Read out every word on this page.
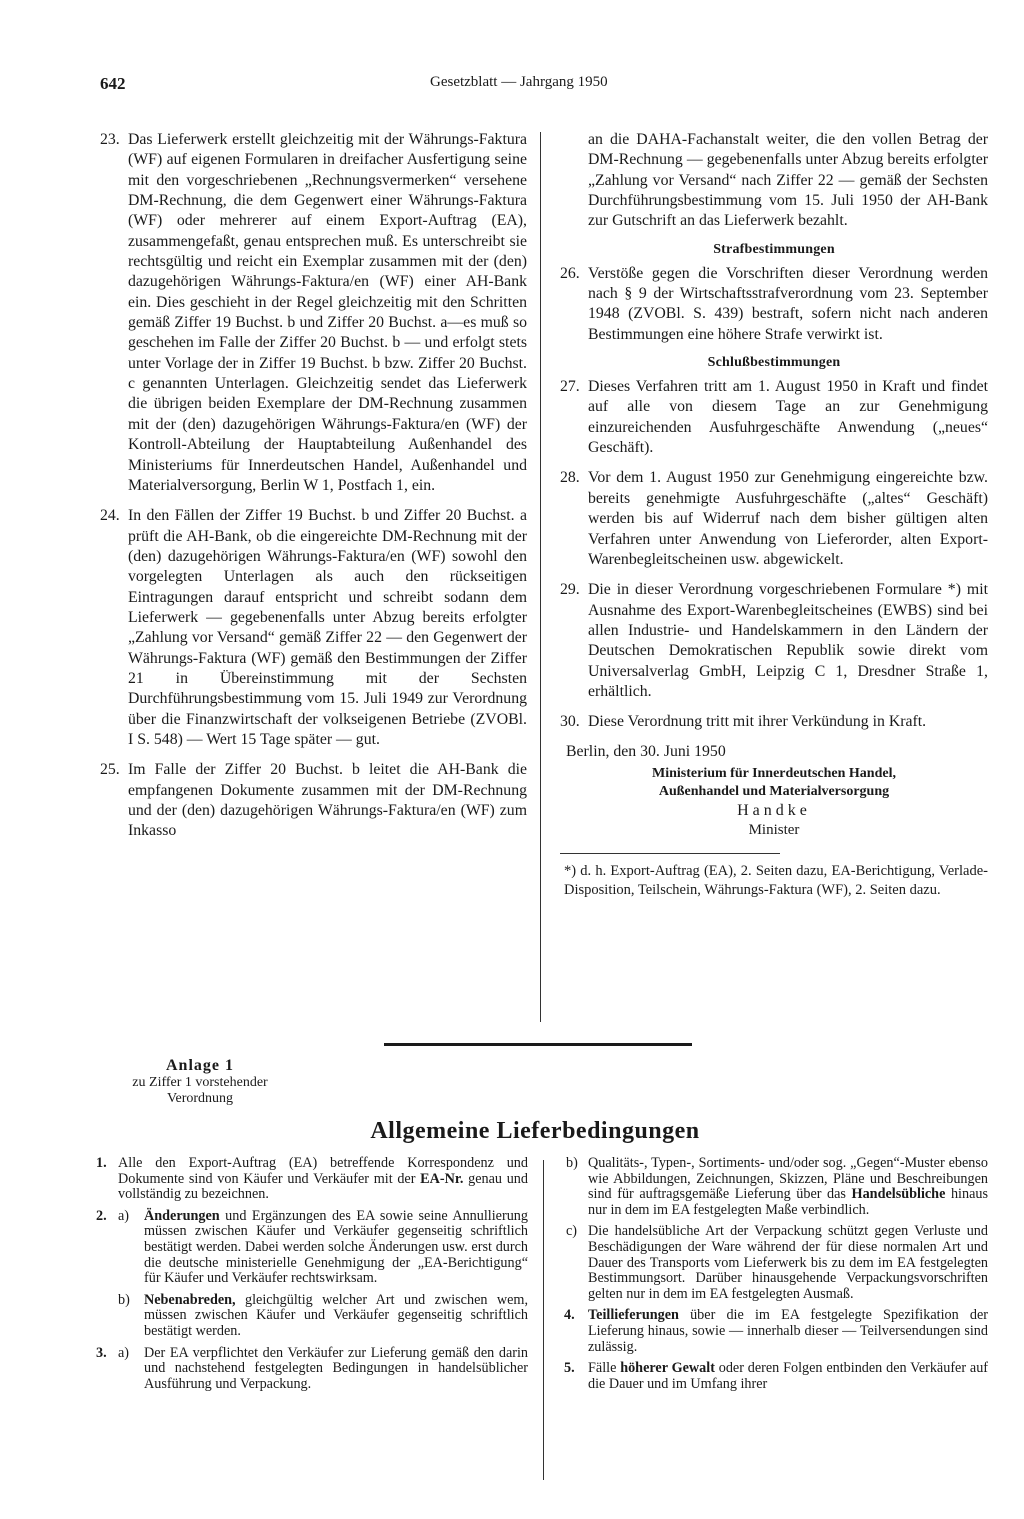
642	Gesetzblatt — Jahrgang 1950
23. Das Lieferwerk erstellt gleichzeitig mit der Währungs-Faktura (WF) auf eigenen Formularen in dreifacher Ausfertigung seine mit den vorgeschriebenen „Rechnungsvermerken“ versehene DM-Rechnung, die dem Gegenwert einer Währungs-Faktura (WF) oder mehrerer auf einem Export-Auftrag (EA), zusammengefaßt, genau entsprechen muß. Es unterschreibt sie rechtsgültig und reicht ein Exemplar zusammen mit der (den) dazugehörigen Währungs-Faktura/en (WF) einer AH-Bank ein. Dies geschieht in der Regel gleichzeitig mit den Schritten gemäß Ziffer 19 Buchst. b und Ziffer 20 Buchst. a—es muß so geschehen im Falle der Ziffer 20 Buchst. b — und erfolgt stets unter Vorlage der in Ziffer 19 Buchst. b bzw. Ziffer 20 Buchst. c genannten Unterlagen. Gleichzeitig sendet das Lieferwerk die übrigen beiden Exemplare der DM-Rechnung zusammen mit der (den) dazugehörigen Währungs-Faktura/en (WF) der Kontroll-Abteilung der Hauptabteilung Außenhandel des Ministeriums für Innerdeutschen Handel, Außenhandel und Materialversorgung, Berlin W 1, Postfach 1, ein.
24. In den Fällen der Ziffer 19 Buchst. b und Ziffer 20 Buchst. a prüft die AH-Bank, ob die eingereichte DM-Rechnung mit der (den) dazugehörigen Währungs-Faktura/en (WF) sowohl den vorgelegten Unterlagen als auch den rückseitigen Eintragungen darauf entspricht und schreibt sodann dem Lieferwerk — gegebenenfalls unter Abzug bereits erfolgter „Zahlung vor Versand“ gemäß Ziffer 22 — den Gegenwert der Währungs-Faktura (WF) gemäß den Bestimmungen der Ziffer 21 in Übereinstimmung mit der Sechsten Durchführungsbestimmung vom 15. Juli 1949 zur Verordnung über die Finanzwirtschaft der volkseigenen Betriebe (ZVOBl. I S. 548) — Wert 15 Tage später — gut.
25. Im Falle der Ziffer 20 Buchst. b leitet die AH-Bank die empfangenen Dokumente zusammen mit der DM-Rechnung und der (den) dazugehörigen Währungs-Faktura/en (WF) zum Inkasso
an die DAHA-Fachanstalt weiter, die den vollen Betrag der DM-Rechnung — gegebenenfalls unter Abzug bereits erfolgter „Zahlung vor Versand“ nach Ziffer 22 — gemäß der Sechsten Durchführungsbestimmung vom 15. Juli 1950 der AH-Bank zur Gutschrift an das Lieferwerk bezahlt.
Strafbestimmungen
26. Verstöße gegen die Vorschriften dieser Verordnung werden nach § 9 der Wirtschaftsstrafverordnung vom 23. September 1948 (ZVOBl. S. 439) bestraft, sofern nicht nach anderen Bestimmungen eine höhere Strafe verwirkt ist.
Schlußbestimmungen
27. Dieses Verfahren tritt am 1. August 1950 in Kraft und findet auf alle von diesem Tage an zur Genehmigung einzureichenden Ausfuhrgeschäfte Anwendung („neues“ Geschäft).
28. Vor dem 1. August 1950 zur Genehmigung eingereichte bzw. bereits genehmigte Ausfuhrgeschäfte („altes“ Geschäft) werden bis auf Widerruf nach dem bisher gültigen alten Verfahren unter Anwendung von Lieferorder, alten Export-Warenbegleitscheinen usw. abgewickelt.
29. Die in dieser Verordnung vorgeschriebenen Formulare *) mit Ausnahme des Export-Warenbegleitscheines (EWBS) sind bei allen Industrie- und Handelskammern in den Ländern der Deutschen Demokratischen Republik sowie direkt vom Universalverlag GmbH, Leipzig C 1, Dresdner Straße 1, erhältlich.
30. Diese Verordnung tritt mit ihrer Verkündung in Kraft.
Berlin, den 30. Juni 1950
Ministerium für Innerdeutschen Handel,
Außenhandel und Materialversorgung
Handke
Minister
*) d. h. Export-Auftrag (EA), 2. Seiten dazu, EA-Berichtigung, Verlade-Disposition, Teilschein, Währungs-Faktura (WF), 2. Seiten dazu.
Anlage 1
zu Ziffer 1 vorstehender
Verordnung
Allgemeine Lieferbedingungen
1. Alle den Export-Auftrag (EA) betreffende Korrespondenz und Dokumente sind von Käufer und Verkäufer mit der EA-Nr. genau und vollständig zu bezeichnen.
2. a) Änderungen und Ergänzungen des EA sowie seine Annullierung müssen zwischen Käufer und Verkäufer gegenseitig schriftlich bestätigt werden. Dabei werden solche Änderungen usw. erst durch die deutsche ministerielle Genehmigung der „EA-Berichtigung“ für Käufer und Verkäufer rechtswirksam.
b) Nebenabreden, gleichgültig welcher Art und zwischen wem, müssen zwischen Käufer und Verkäufer gegenseitig schriftlich bestätigt werden.
3. a) Der EA verpflichtet den Verkäufer zur Lieferung gemäß den darin und nachstehend festgelegten Bedingungen in handelsüblicher Ausführung und Verpackung.
b) Qualitäts-, Typen-, Sortiments- und/oder sog. „Gegen“-Muster ebenso wie Abbildungen, Zeichnungen, Skizzen, Pläne und Beschreibungen sind für auftragsgemäße Lieferung über das Handelsübliche hinaus nur in dem im EA festgelegten Maße verbindlich.
c) Die handelsübliche Art der Verpackung schützt gegen Verluste und Beschädigungen der Ware während der für diese normalen Art und Dauer des Transports vom Lieferwerk bis zu dem im EA festgelegten Bestimmungsort. Darüber hinausgehende Verpackungsvorschriften gelten nur in dem im EA festgelegten Ausmaß.
4. Teillieferungen über die im EA festgelegte Spezifikation der Lieferung hinaus, sowie — innerhalb dieser — Teilversendungen sind zulässig.
5. Fälle höherer Gewalt oder deren Folgen entbinden den Verkäufer auf die Dauer und im Umfang ihrer
